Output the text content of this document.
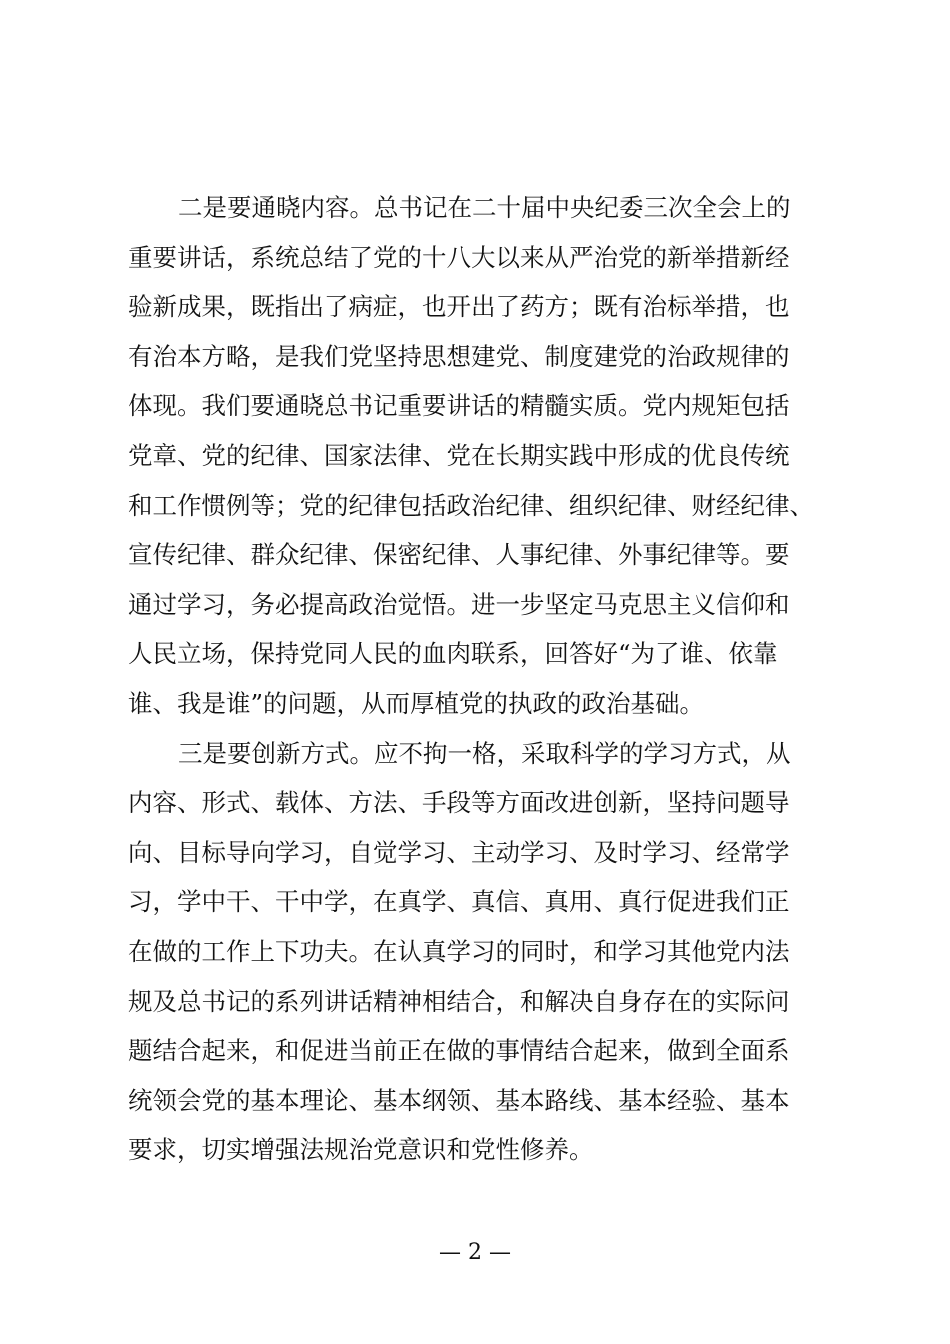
二是要通晓内容。总书记在二十届中央纪委三次全会上的
重要讲话，系统总结了党的十八大以来从严治党的新举措新经
验新成果，既指出了病症，也开出了药方；既有治标举措，也
有治本方略，是我们党坚持思想建党、制度建党的治政规律的
体现。我们要通晓总书记重要讲话的精髓实质。党内规矩包括
党章、党的纪律、国家法律、党在长期实践中形成的优良传统
和工作惯例等；党的纪律包括政治纪律、组织纪律、财经纪律、
宣传纪律、群众纪律、保密纪律、人事纪律、外事纪律等。要
通过学习，务必提高政治觉悟。进一步坚定马克思主义信仰和
人民立场，保持党同人民的血肉联系，回答好“为了谁、依靠
谁、我是谁”的问题，从而厚植党的执政的政治基础。
三是要创新方式。应不拘一格，采取科学的学习方式，从
内容、形式、载体、方法、手段等方面改进创新，坚持问题导
向、目标导向学习，自觉学习、主动学习、及时学习、经常学
习，学中干、干中学，在真学、真信、真用、真行促进我们正
在做的工作上下功夫。在认真学习的同时，和学习其他党内法
规及总书记的系列讲话精神相结合，和解决自身存在的实际问
题结合起来，和促进当前正在做的事情结合起来，做到全面系
统领会党的基本理论、基本纲领、基本路线、基本经验、基本
要求，切实增强法规治党意识和党性修养。
— 2 —
